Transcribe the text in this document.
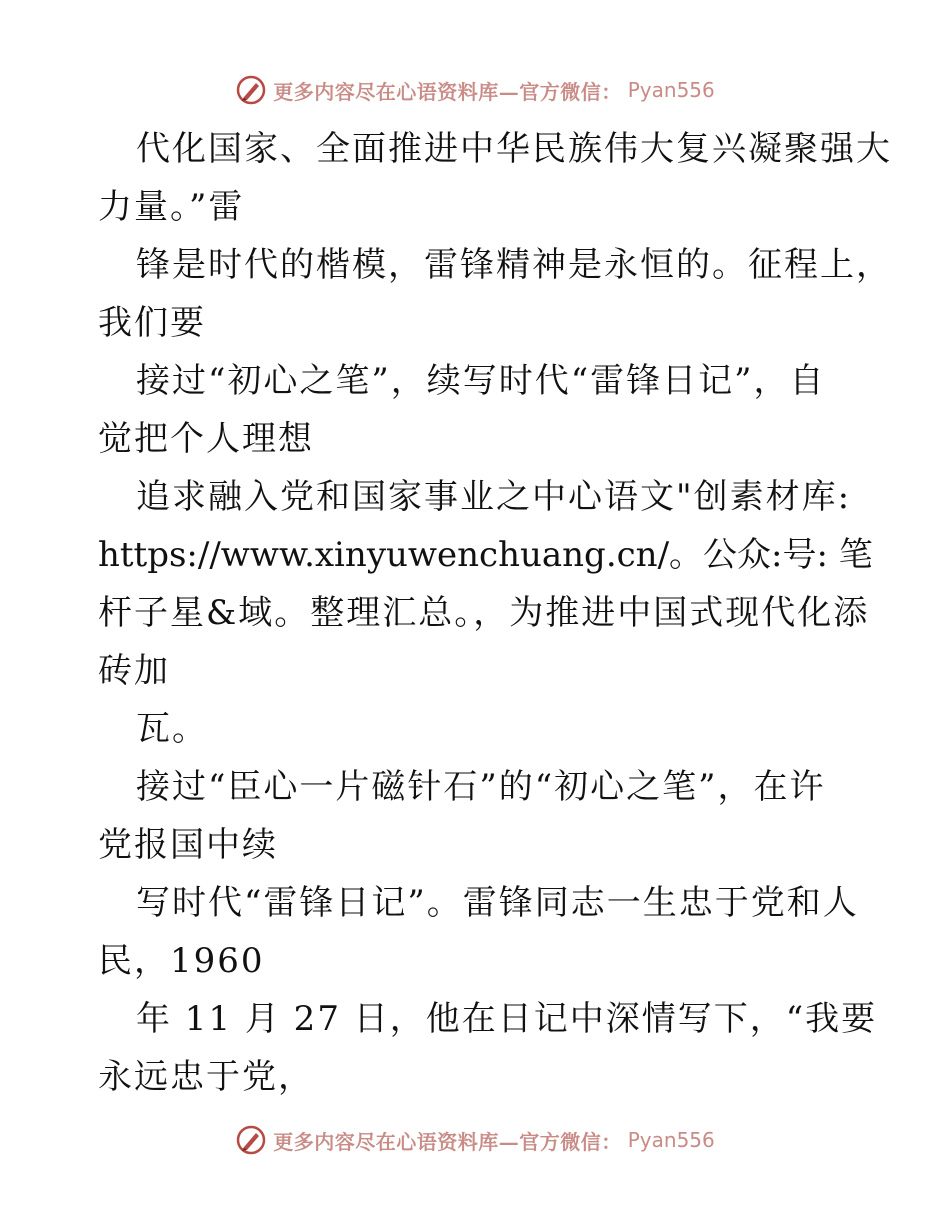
更多内容尽在心语资料库—官方微信： Pyan556
代化国家、全面推进中华民族伟大复兴凝聚强大
力量。”雷
锋是时代的楷模，雷锋精神是永恒的。征程上，
我们要
接过“初心之笔”，续写时代“雷锋日记”，自
觉把个人理想
追求融入党和国家事业之中心语文"创素材库:
https://www.xinyuwenchuang.cn/。公众:号: 笔
杆子星&域。整理汇总。，为推进中国式现代化添
砖加
瓦。
接过“臣心一片磁针石”的“初心之笔”，在许
党报国中续
写时代“雷锋日记”。雷锋同志一生忠于党和人
民，1960
年 11 月 27 日，他在日记中深情写下，“我要
永远忠于党，
更多内容尽在心语资料库—官方微信： Pyan556
